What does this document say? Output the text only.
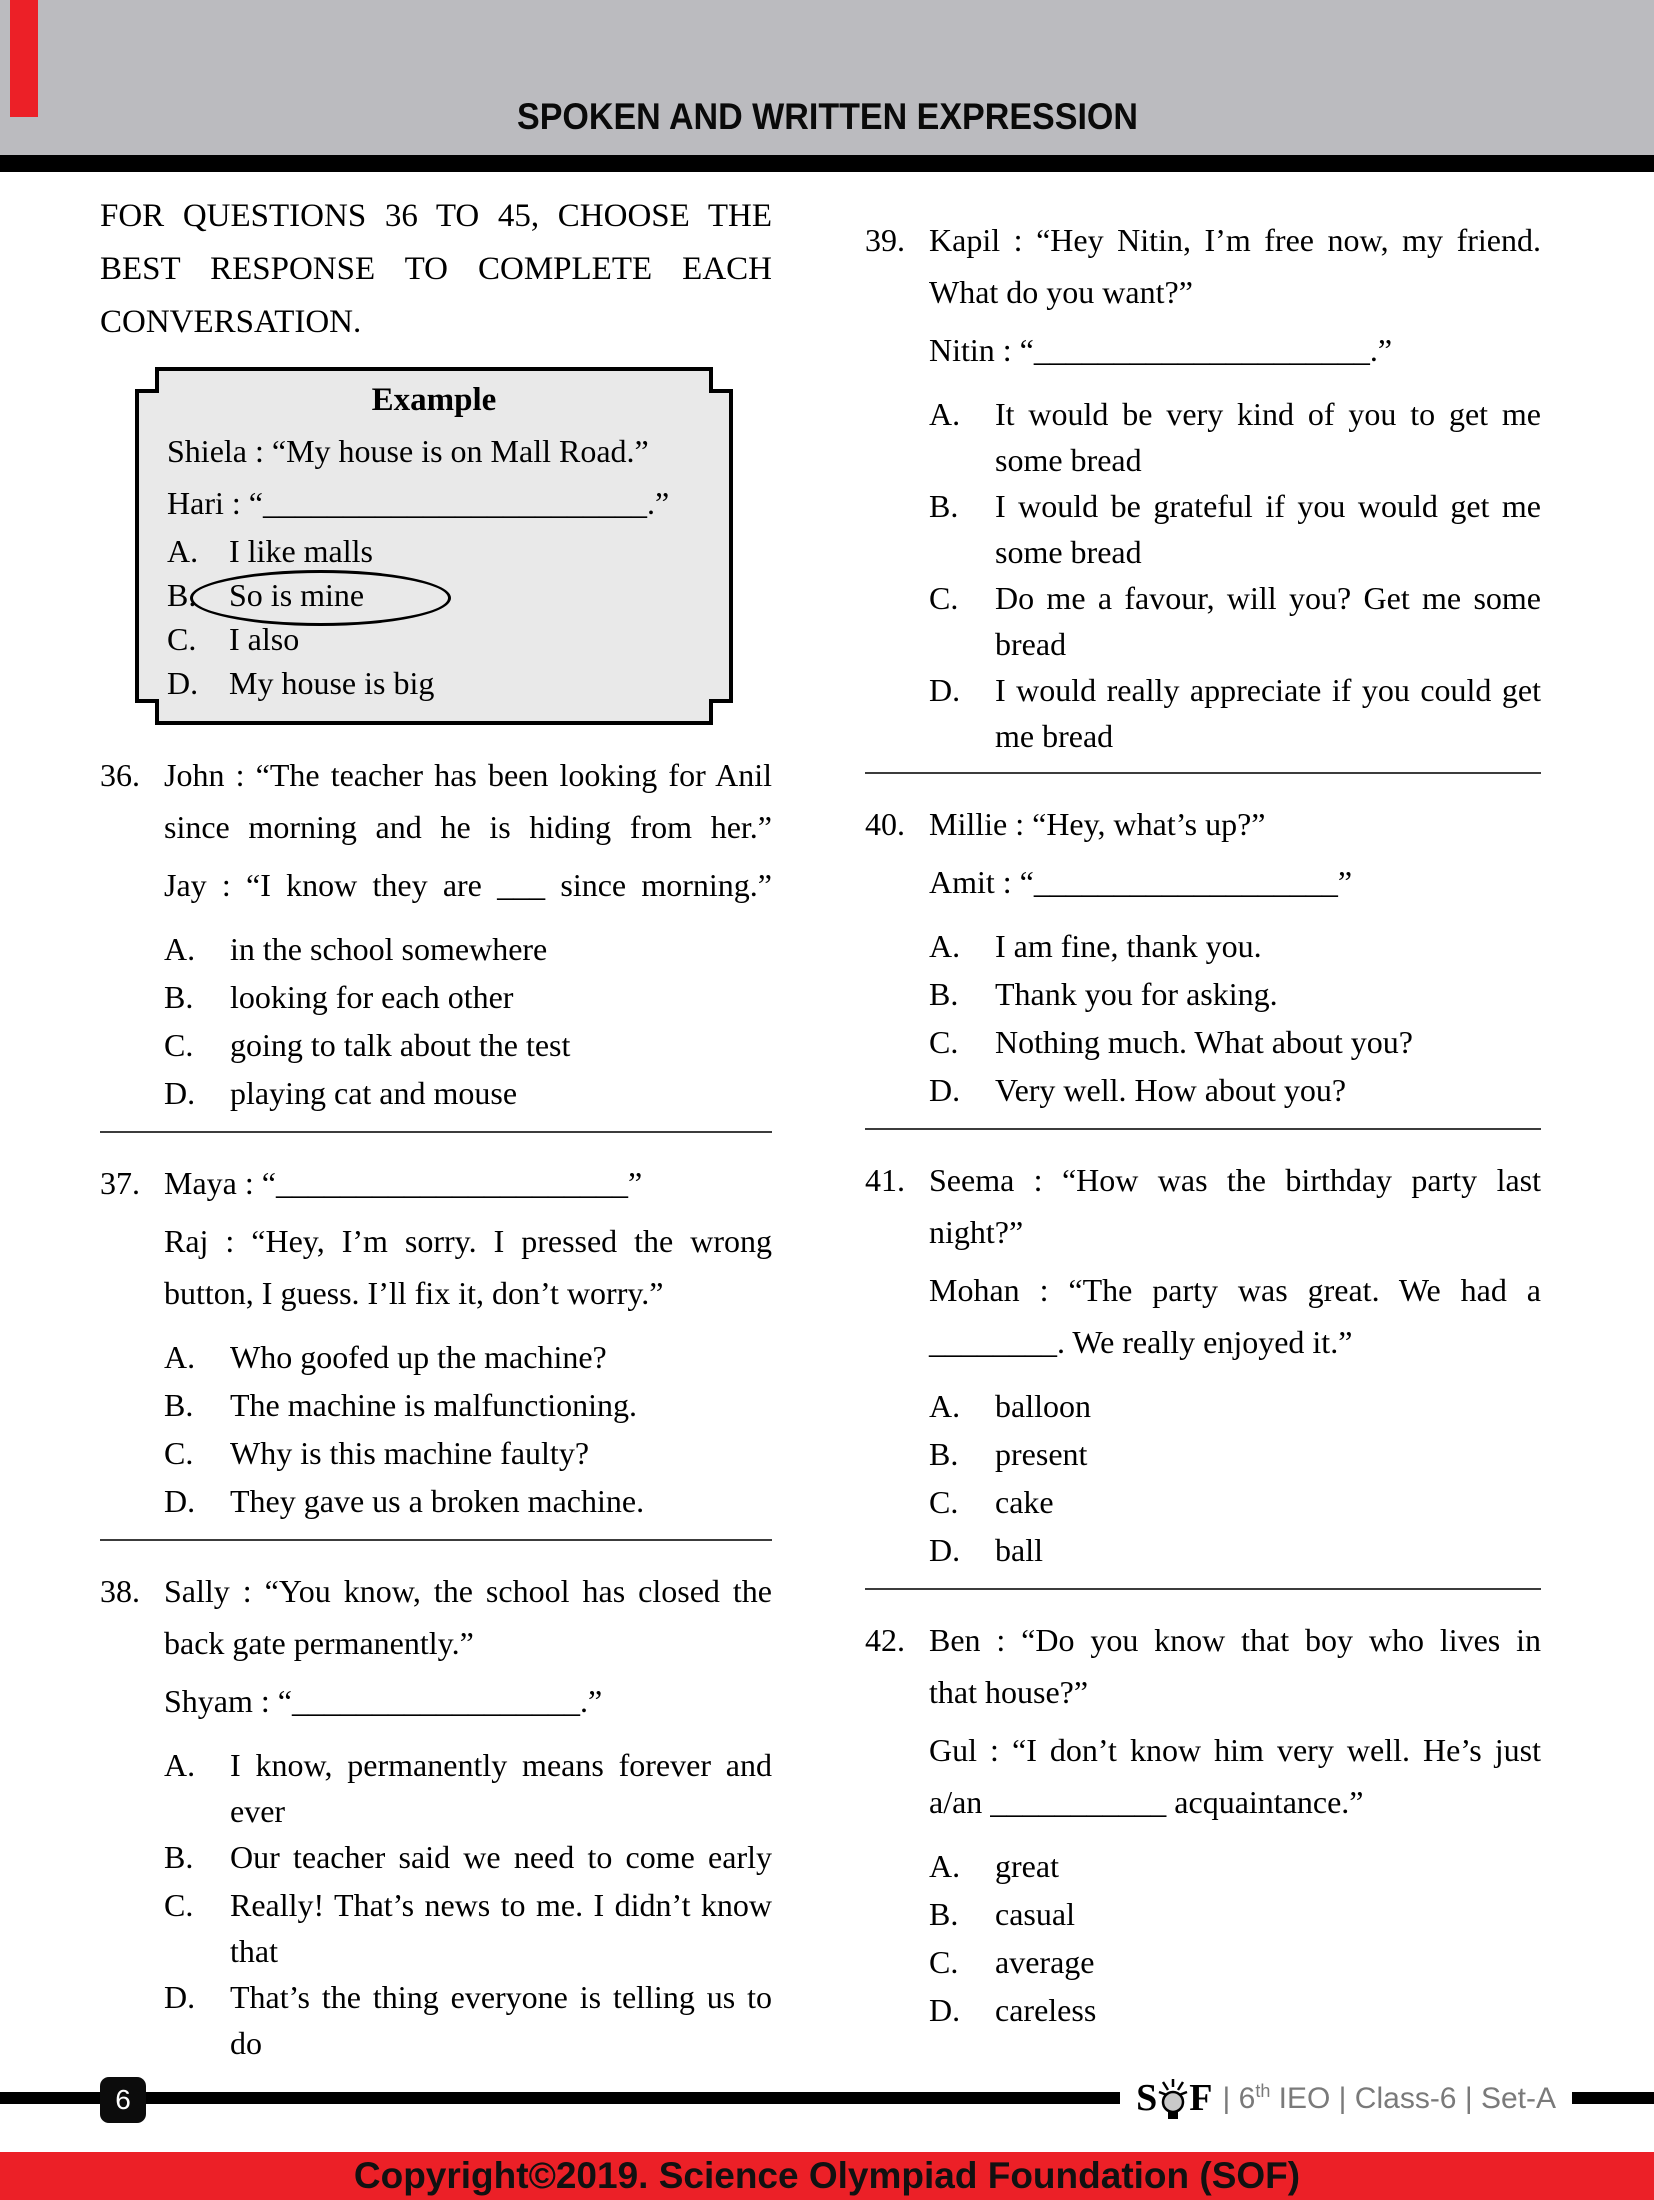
SPOKEN AND WRITTEN EXPRESSION
FOR QUESTIONS 36 TO 45, CHOOSE THE
BEST RESPONSE TO COMPLETE EACH
CONVERSATION.
Example
Shiela : “My house is on Mall Road.”
Hari : “________________________.”
A. I like malls
B. So is mine
C. I also
D. My house is big
36. John : “The teacher has been looking for Anil
since morning and he is hiding from her.”
Jay : “I know they are ___ since morning.”
A. in the school somewhere
B. looking for each other
C. going to talk about the test
D. playing cat and mouse
37. Maya : “______________________”
Raj : “Hey, I’m sorry. I pressed the wrong
button, I guess. I’ll fix it, don’t worry.”
A. Who goofed up the machine?
B. The machine is malfunctioning.
C. Why is this machine faulty?
D. They gave us a broken machine.
38. Sally : “You know, the school has closed the
back gate permanently.”
Shyam : “__________________.”
A. I know, permanently means forever and
ever
B. Our teacher said we need to come early
C. Really! That’s news to me. I didn’t know
that
D. That’s the thing everyone is telling us to
do
39. Kapil : “Hey Nitin, I’m free now, my friend.
What do you want?”
Nitin : “_____________________.”
A. It would be very kind of you to get me
some bread
B. I would be grateful if you would get me
some bread
C. Do me a favour, will you? Get me some
bread
D. I would really appreciate if you could get
me bread
40. Millie : “Hey, what’s up?”
Amit : “___________________”
A. I am fine, thank you.
B. Thank you for asking.
C. Nothing much. What about you?
D. Very well. How about you?
41. Seema : “How was the birthday party last
night?”
Mohan : “The party was great. We had a
________. We really enjoyed it.”
A. balloon
B. present
C. cake
D. ball
42. Ben : “Do you know that boy who lives in
that house?”
Gul : “I don’t know him very well. He’s just
a/an ___________ acquaintance.”
A. great
B. casual
C. average
D. careless
6	S F | 6th IEO | Class-6 | Set-A
Copyright©2019. Science Olympiad Foundation (SOF)
